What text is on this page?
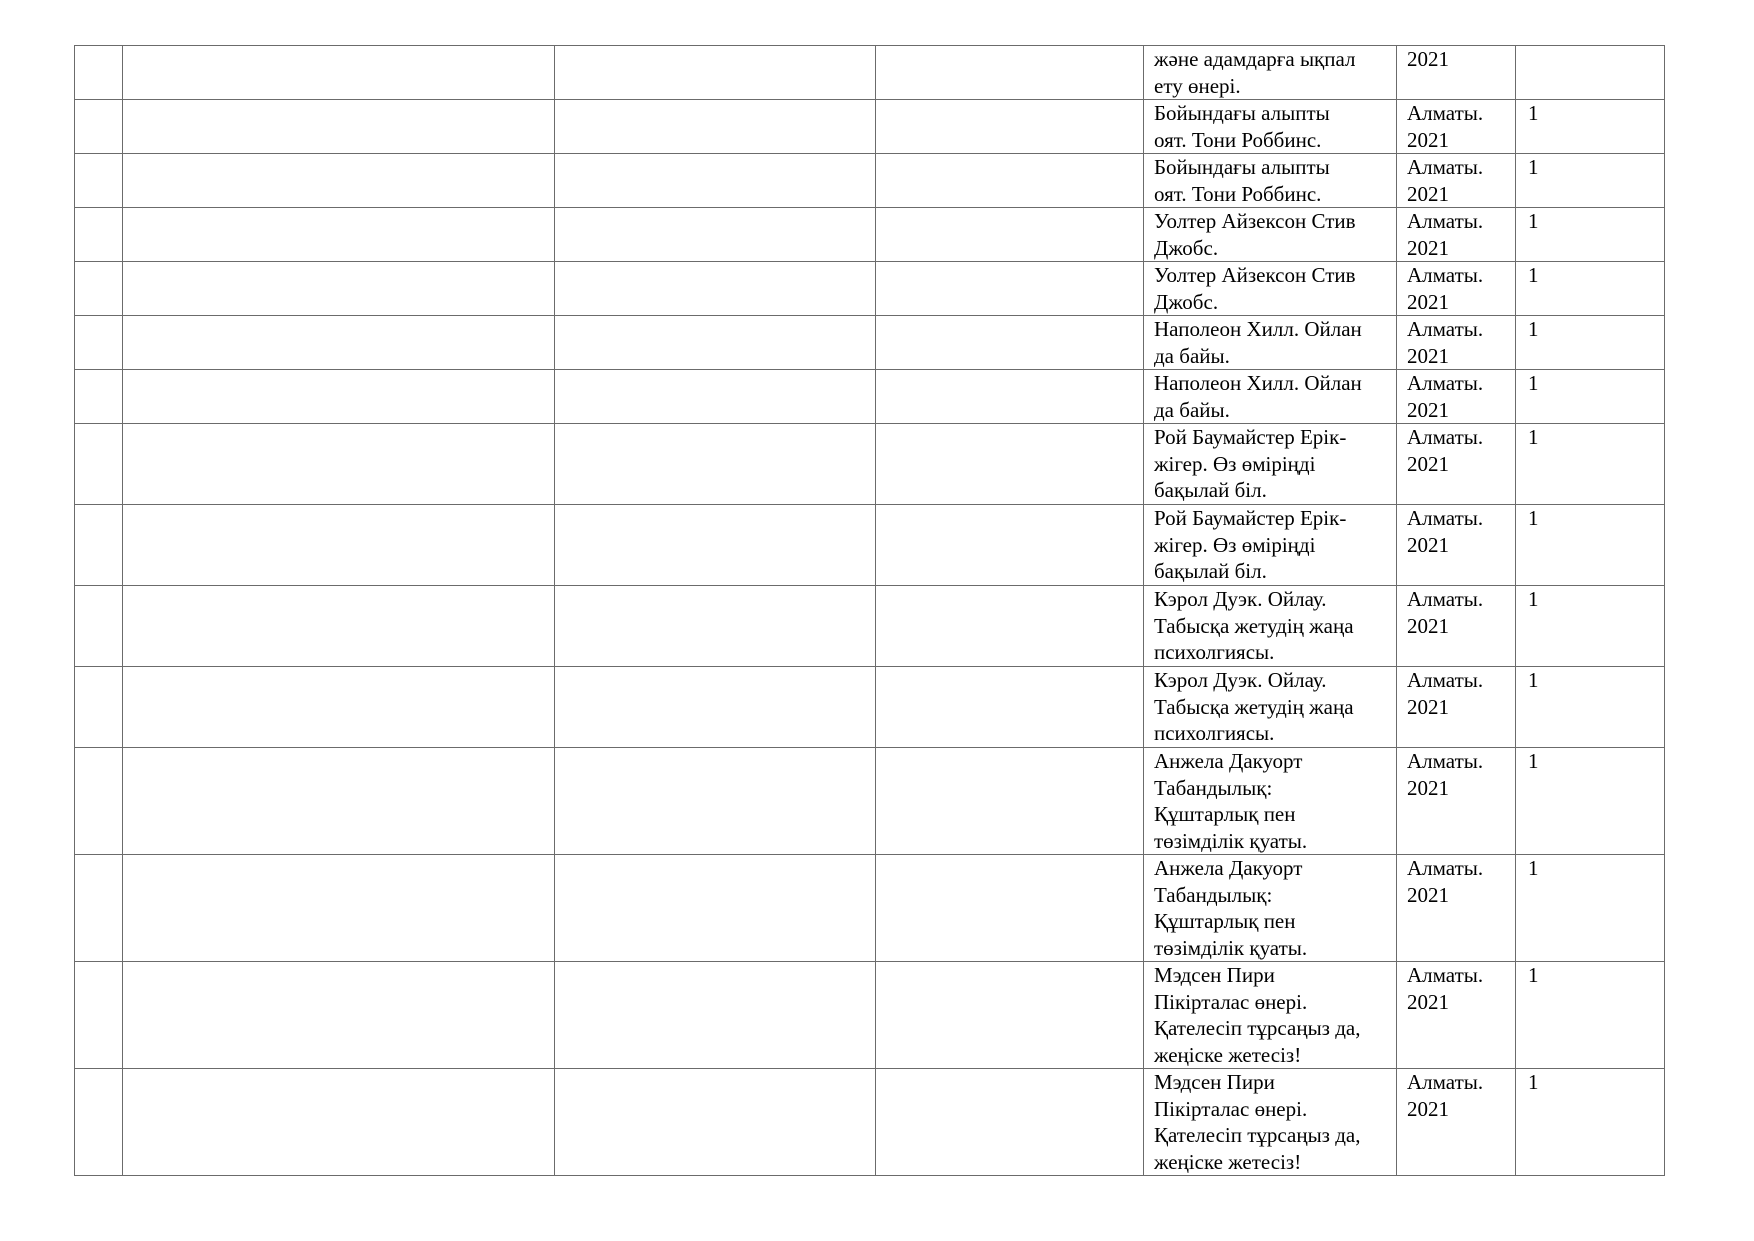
				және адамдарға ықпал
ету өнері.	2021	

				Бойындағы алыпты
оят. Тони Роббинс.	Алматы.
2021	1

				Бойындағы алыпты
оят. Тони Роббинс.	Алматы.
2021	1

				Уолтер Айзексон Стив
Джобс.	Алматы.
2021	1

				Уолтер Айзексон Стив
Джобс.	Алматы.
2021	1

				Наполеон Хилл. Ойлан
да байы.	Алматы.
2021	1

				Наполеон Хилл. Ойлан
да байы.	Алматы.
2021	1

				Рой Баумайстер Ерік-
жігер. Өз өміріңді
бақылай біл.	Алматы.
2021	1

				Рой Баумайстер Ерік-
жігер. Өз өміріңді
бақылай біл.	Алматы.
2021	1

				Кэрол Дуэк. Ойлау.
Табысқа жетудің жаңа
психолгиясы.	Алматы.
2021	1

				Кэрол Дуэк. Ойлау.
Табысқа жетудің жаңа
психолгиясы.	Алматы.
2021	1

				Анжела Дакуорт
Табандылық:
Құштарлық пен
төзімділік қуаты.	Алматы.
2021	1

				Анжела Дакуорт
Табандылық:
Құштарлық пен
төзімділік қуаты.	Алматы.
2021	1

				Мэдсен Пири
Пікірталас өнері.
Қателесіп тұрсаңыз да,
жеңіске жетесіз!	Алматы.
2021	1

				Мэдсен Пири
Пікірталас өнері.
Қателесіп тұрсаңыз да,
жеңіске жетесіз!	Алматы.
2021	1
